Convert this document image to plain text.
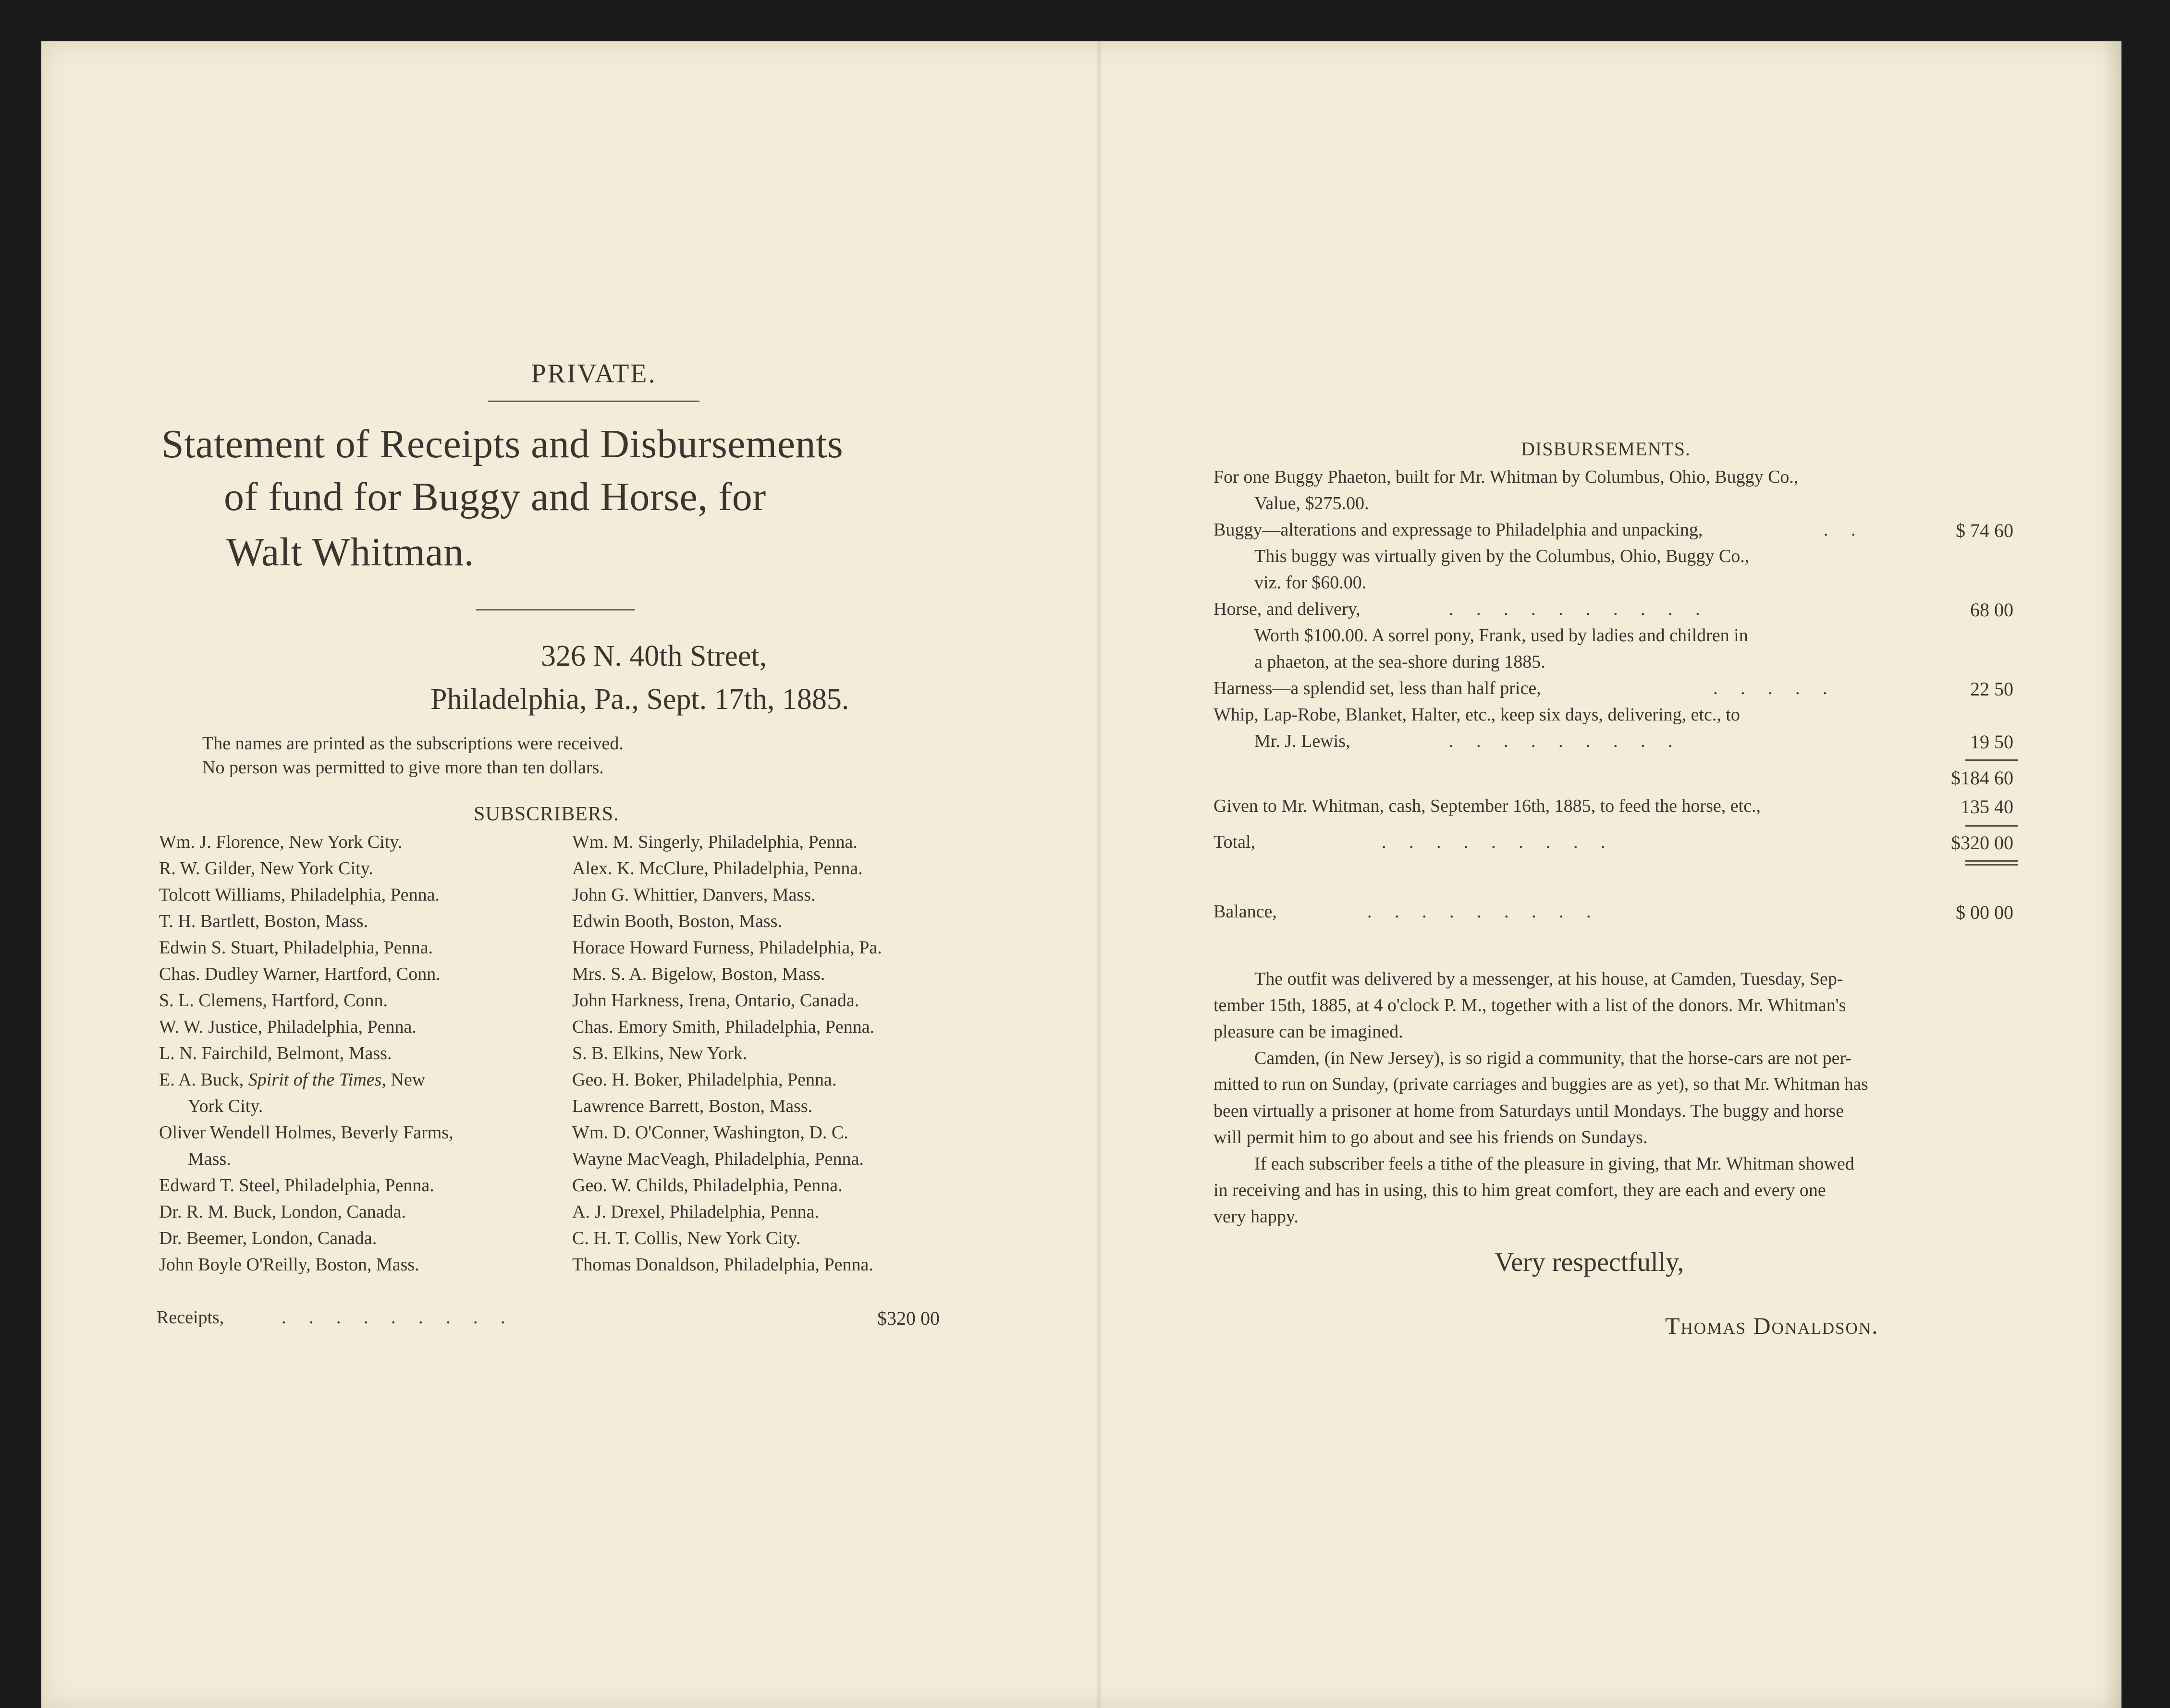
PRIVATE.
Statement of Receipts and Disbursements
of fund for Buggy and Horse, for
Walt Whitman.
326 N. 40th Street,
Philadelphia, Pa., Sept. 17th, 1885.
The names are printed as the subscriptions were received.
No person was permitted to give more than ten dollars.
SUBSCRIBERS.
Wm. J. Florence, New York City.
R. W. Gilder, New York City.
Tolcott Williams, Philadelphia, Penna.
T. H. Bartlett, Boston, Mass.
Edwin S. Stuart, Philadelphia, Penna.
Chas. Dudley Warner, Hartford, Conn.
S. L. Clemens, Hartford, Conn.
W. W. Justice, Philadelphia, Penna.
L. N. Fairchild, Belmont, Mass.
E. A. Buck, Spirit of the Times, New
York City.
Oliver Wendell Holmes, Beverly Farms,
Mass.
Edward T. Steel, Philadelphia, Penna.
Dr. R. M. Buck, London, Canada.
Dr. Beemer, London, Canada.
John Boyle O'Reilly, Boston, Mass.
Wm. M. Singerly, Philadelphia, Penna.
Alex. K. McClure, Philadelphia, Penna.
John G. Whittier, Danvers, Mass.
Edwin Booth, Boston, Mass.
Horace Howard Furness, Philadelphia, Pa.
Mrs. S. A. Bigelow, Boston, Mass.
John Harkness, Irena, Ontario, Canada.
Chas. Emory Smith, Philadelphia, Penna.
S. B. Elkins, New York.
Geo. H. Boker, Philadelphia, Penna.
Lawrence Barrett, Boston, Mass.
Wm. D. O'Conner, Washington, D. C.
Wayne MacVeagh, Philadelphia, Penna.
Geo. W. Childs, Philadelphia, Penna.
A. J. Drexel, Philadelphia, Penna.
C. H. T. Collis, New York City.
Thomas Donaldson, Philadelphia, Penna.
Receipts,	.     .     .     .     .     .     .     .     .	$320 00
DISBURSEMENTS.
For one Buggy Phaeton, built for Mr. Whitman by Columbus, Ohio, Buggy Co.,
Value, $275.00.
Buggy—alterations and expressage to Philadelphia and unpacking,	.     .	$ 74 60
This buggy was virtually given by the Columbus, Ohio, Buggy Co.,
viz. for $60.00.
Horse, and delivery,	.     .     .     .     .     .     .     .     .     .	68 00
Worth $100.00. A sorrel pony, Frank, used by ladies and children in
a phaeton, at the sea-shore during 1885.
Harness—a splendid set, less than half price,	.     .     .     .     .	22 50
Whip, Lap-Robe, Blanket, Halter, etc., keep six days, delivering, etc., to
Mr. J. Lewis,	.     .     .     .     .     .     .     .     .	19 50
$184 60
Given to Mr. Whitman, cash, September 16th, 1885, to feed the horse, etc.,	135 40
Total,	.     .     .     .     .     .     .     .     .	$320 00
Balance,	.     .     .     .     .     .     .     .     .	$ 00 00
The outfit was delivered by a messenger, at his house, at Camden, Tuesday, Sep-
tember 15th, 1885, at 4 o'clock P. M., together with a list of the donors. Mr. Whitman's
pleasure can be imagined.
Camden, (in New Jersey), is so rigid a community, that the horse-cars are not per-
mitted to run on Sunday, (private carriages and buggies are as yet), so that Mr. Whitman has
been virtually a prisoner at home from Saturdays until Mondays. The buggy and horse
will permit him to go about and see his friends on Sundays.
If each subscriber feels a tithe of the pleasure in giving, that Mr. Whitman showed
in receiving and has in using, this to him great comfort, they are each and every one
very happy.
Very respectfully,
Thomas Donaldson.
